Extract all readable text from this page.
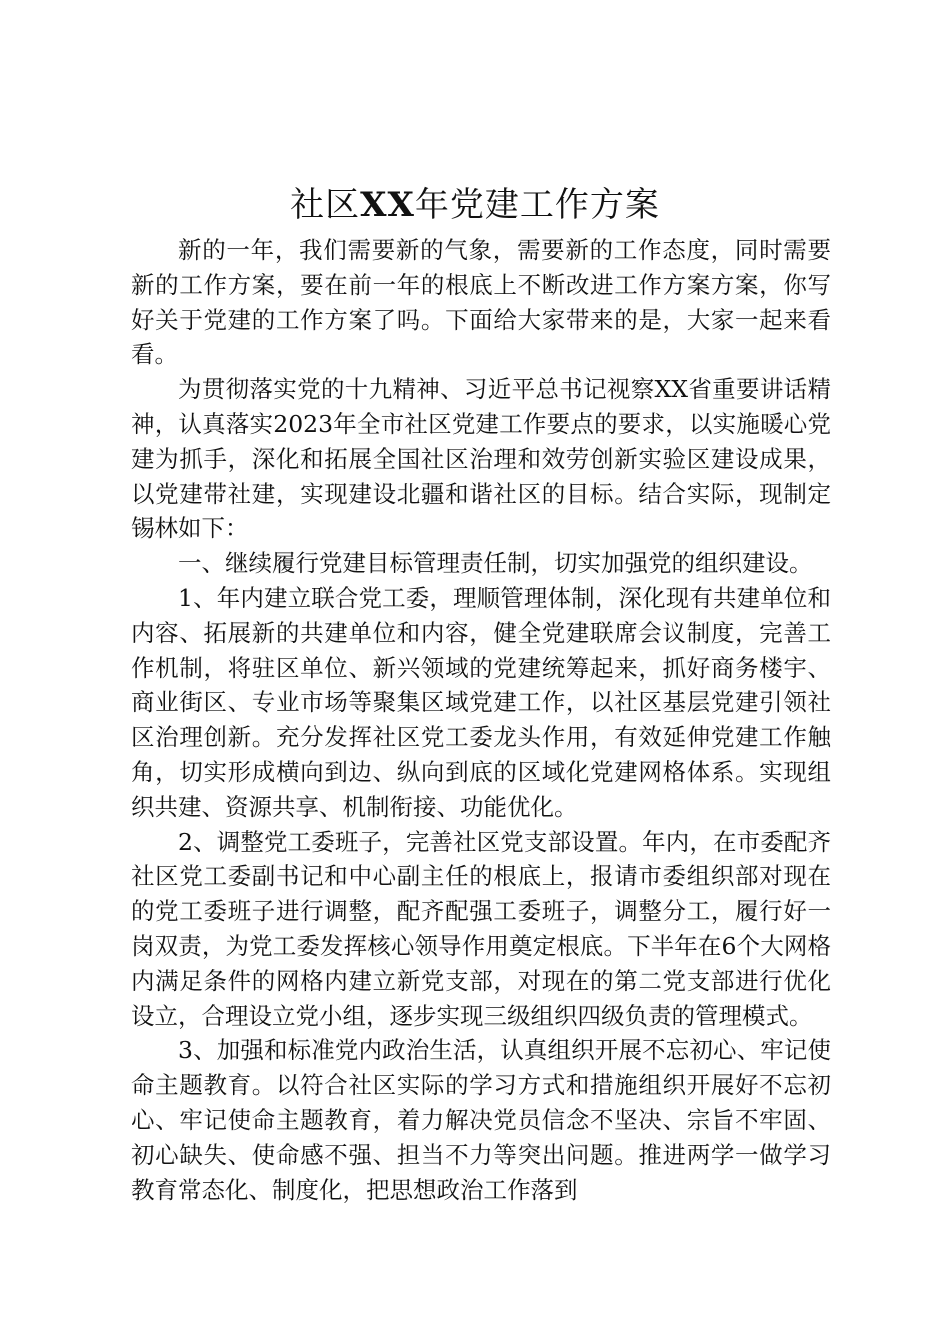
社区XX年党建工作方案

新的一年，我们需要新的气象，需要新的工作态度，同时需要新的工作方案，要在前一年的根底上不断改进工作方案方案，你写好关于党建的工作方案了吗。下面给大家带来的是，大家一起来看看。

为贯彻落实党的十九精神、习近平总书记视察XX省重要讲话精神，认真落实2023年全市社区党建工作要点的要求，以实施暖心党建为抓手，深化和拓展全国社区治理和效劳创新实验区建设成果，以党建带社建，实现建设北疆和谐社区的目标。结合实际，现制定锡林如下：

一、继续履行党建目标管理责任制，切实加强党的组织建设。

1、年内建立联合党工委，理顺管理体制，深化现有共建单位和内容、拓展新的共建单位和内容，健全党建联席会议制度，完善工作机制，将驻区单位、新兴领域的党建统筹起来，抓好商务楼宇、商业街区、专业市场等聚集区域党建工作，以社区基层党建引领社区治理创新。充分发挥社区党工委龙头作用，有效延伸党建工作触角，切实形成横向到边、纵向到底的区域化党建网格体系。实现组织共建、资源共享、机制衔接、功能优化。

2、调整党工委班子，完善社区党支部设置。年内，在市委配齐社区党工委副书记和中心副主任的根底上，报请市委组织部对现在的党工委班子进行调整，配齐配强工委班子，调整分工，履行好一岗双责，为党工委发挥核心领导作用奠定根底。下半年在6个大网格内满足条件的网格内建立新党支部，对现在的第二党支部进行优化设立，合理设立党小组，逐步实现三级组织四级负责的管理模式。

3、加强和标准党内政治生活，认真组织开展不忘初心、牢记使命主题教育。以符合社区实际的学习方式和措施组织开展好不忘初心、牢记使命主题教育，着力解决党员信念不坚决、宗旨不牢固、初心缺失、使命感不强、担当不力等突出问题。推进两学一做学习教育常态化、制度化，把思想政治工作落到
